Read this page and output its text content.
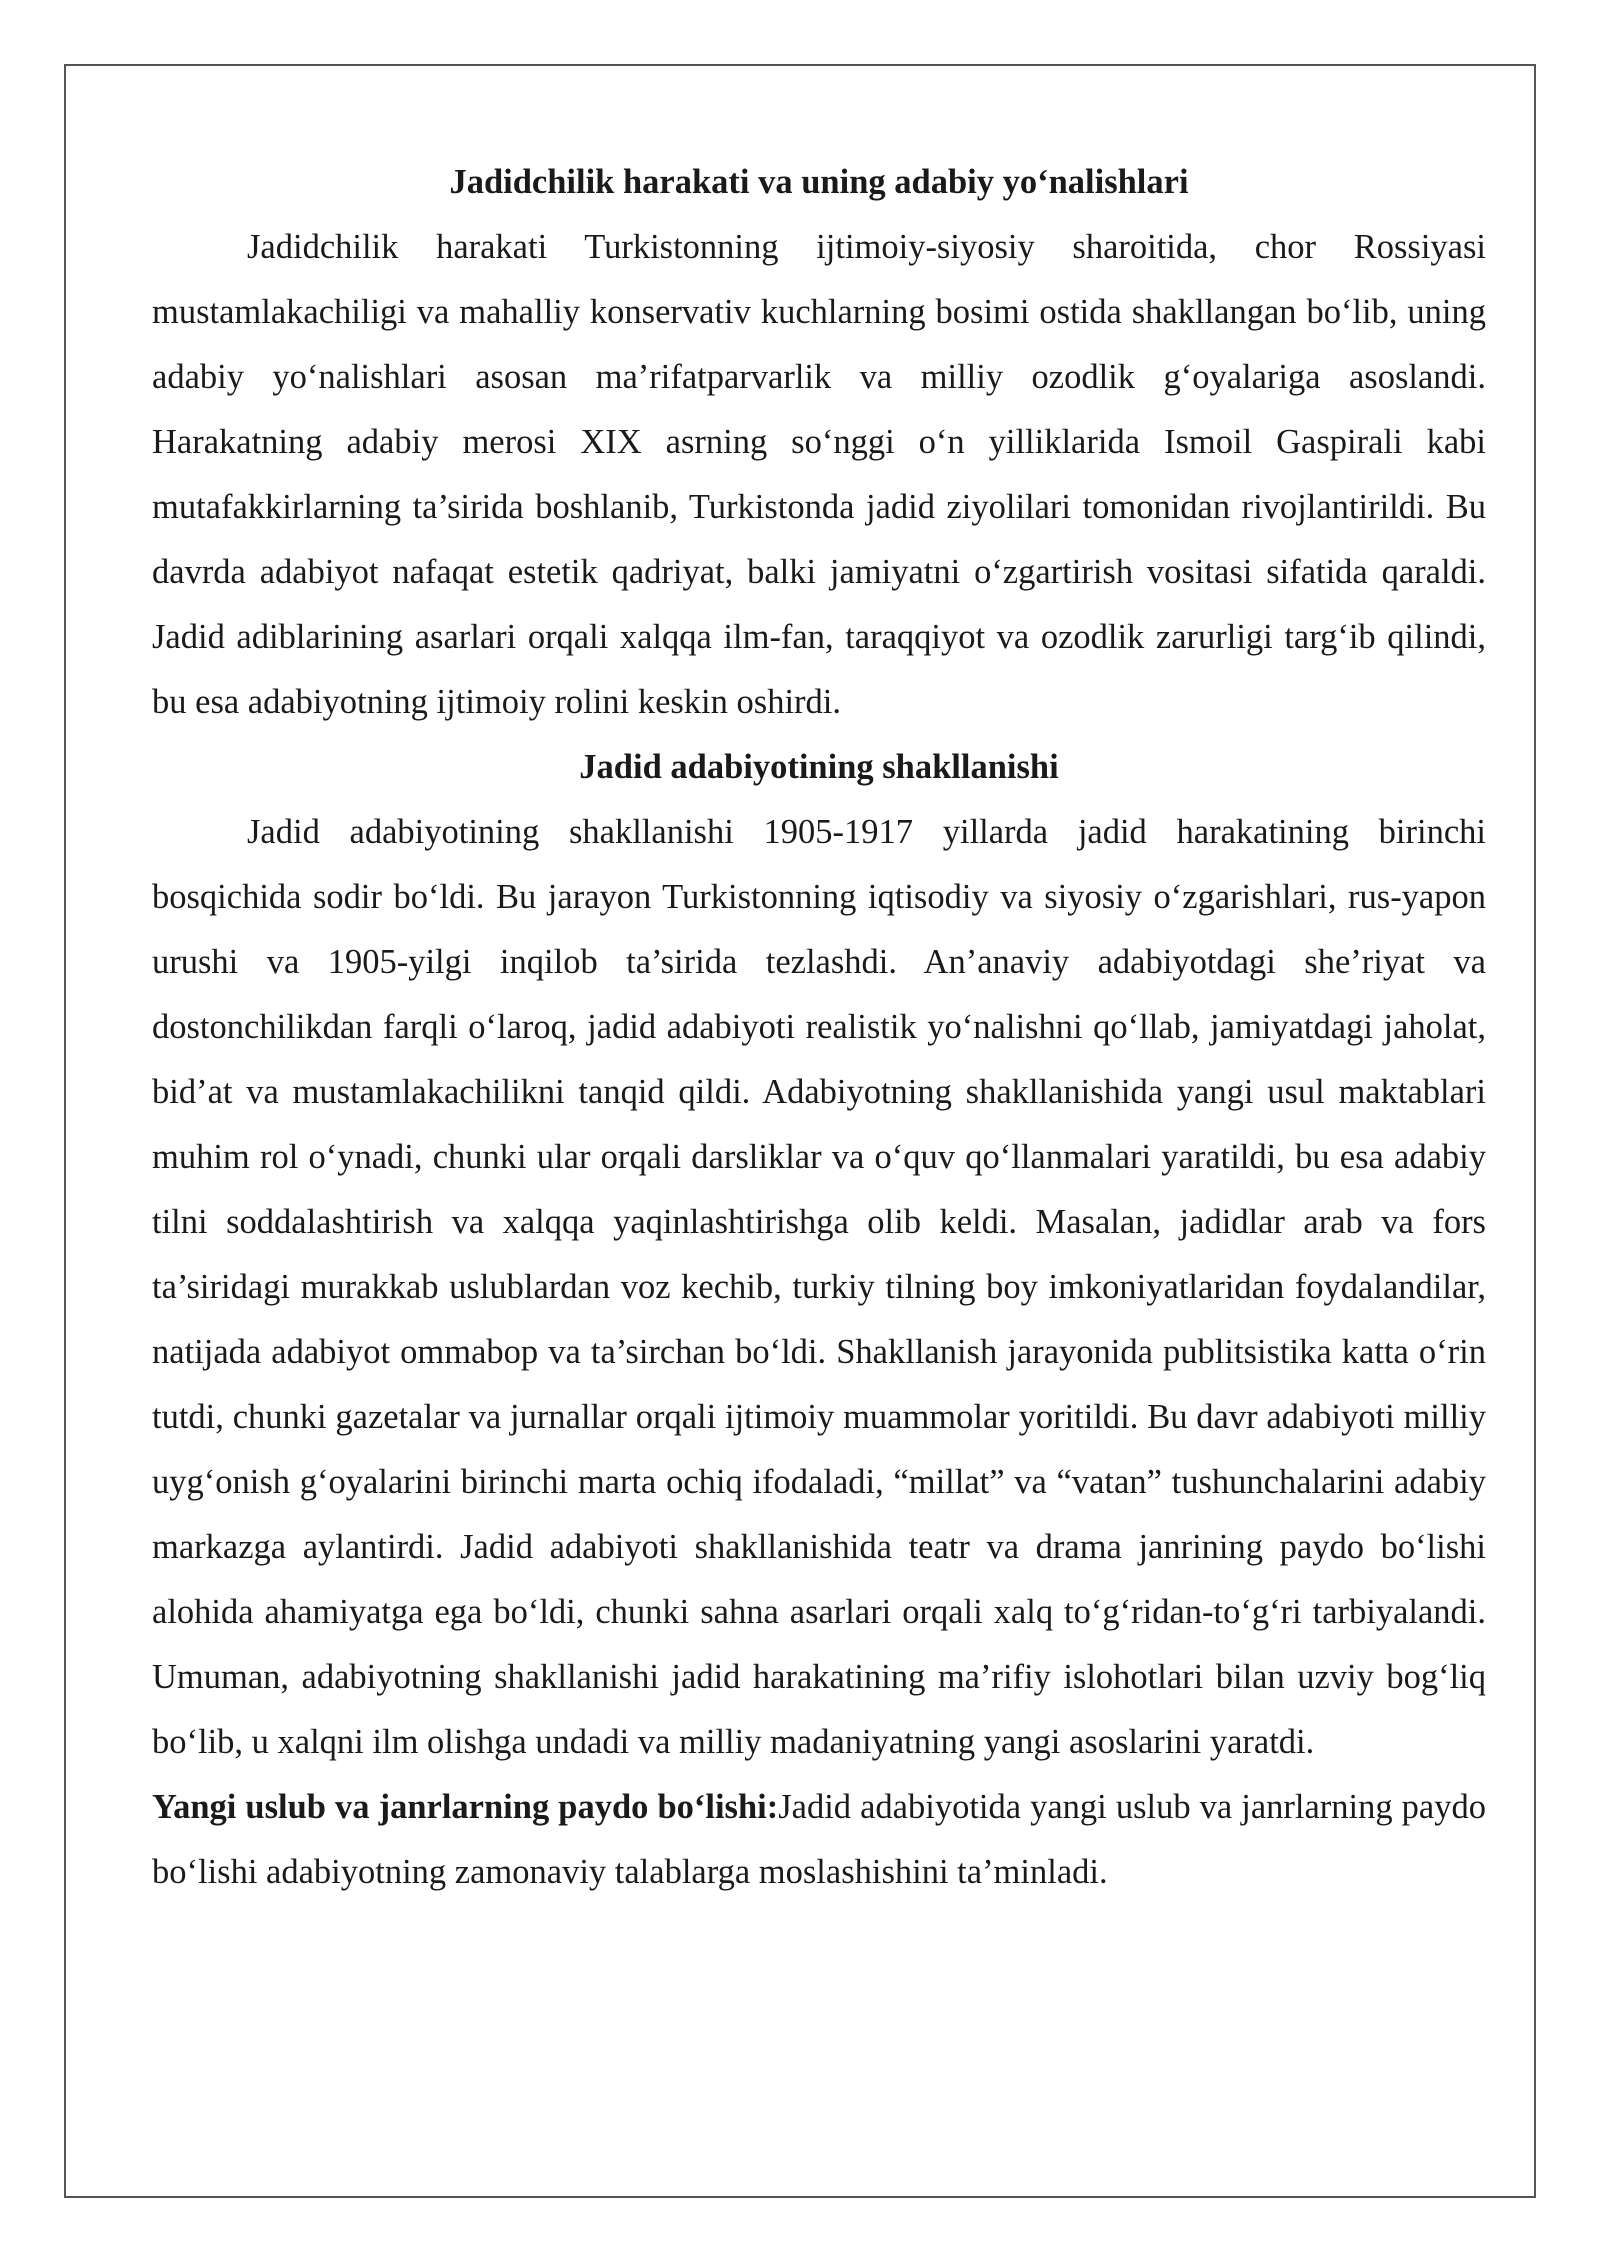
Jadidchilik harakati va uning adabiy yo‘nalishlari

Jadidchilik harakati Turkistonning ijtimoiy-siyosiy sharoitida, chor Rossiyasi mustamlakachiligi va mahalliy konservativ kuchlarning bosimi ostida shakllangan bo‘lib, uning adabiy yo‘nalishlari asosan ma’rifatparvarlik va milliy ozodlik g‘oyalariga asoslandi. Harakatning adabiy merosi XIX asrning so‘nggi o‘n yilliklarida Ismoil Gaspirali kabi mutafakkirlarning ta’sirida boshlanib, Turkistonda jadid ziyolilari tomonidan rivojlantirildi. Bu davrda adabiyot nafaqat estetik qadriyat, balki jamiyatni o‘zgartirish vositasi sifatida qaraldi. Jadid adiblarining asarlari orqali xalqqa ilm-fan, taraqqiyot va ozodlik zarurligi targ‘ib qilindi, bu esa adabiyotning ijtimoiy rolini keskin oshirdi.

Jadid adabiyotining shakllanishi

Jadid adabiyotining shakllanishi 1905-1917 yillarda jadid harakatining birinchi bosqichida sodir bo‘ldi. Bu jarayon Turkistonning iqtisodiy va siyosiy o‘zgarishlari, rus-yapon urushi va 1905-yilgi inqilob ta’sirida tezlashdi. An’anaviy adabiyotdagi she’riyat va dostonchilikdan farqli o‘laroq, jadid adabiyoti realistik yo‘nalishni qo‘llab, jamiyatdagi jaholat, bid’at va mustamlakachilikni tanqid qildi. Adabiyotning shakllanishida yangi usul maktablari muhim rol o‘ynadi, chunki ular orqali darsliklar va o‘quv qo‘llanmalari yaratildi, bu esa adabiy tilni soddalashtirish va xalqqa yaqinlashtirishga olib keldi. Masalan, jadidlar arab va fors ta’siridagi murakkab uslublardan voz kechib, turkiy tilning boy imkoniyatlaridan foydalandilar, natijada adabiyot ommabop va ta’sirchan bo‘ldi. Shakllanish jarayonida publitsistika katta o‘rin tutdi, chunki gazetalar va jurnallar orqali ijtimoiy muammolar yoritildi. Bu davr adabiyoti milliy uyg‘onish g‘oyalarini birinchi marta ochiq ifodaladi, “millat” va “vatan” tushunchalarini adabiy markazga aylantirdi. Jadid adabiyoti shakllanishida teatr va drama janrining paydo bo‘lishi alohida ahamiyatga ega bo‘ldi, chunki sahna asarlari orqali xalq to‘g‘ridan-to‘g‘ri tarbiyalandi. Umuman, adabiyotning shakllanishi jadid harakatining ma’rifiy islohotlari bilan uzviy bog‘liq bo‘lib, u xalqni ilm olishga undadi va milliy madaniyatning yangi asoslarini yaratdi.

Yangi uslub va janrlarning paydo bo‘lishi:Jadid adabiyotida yangi uslub va janrlarning paydo bo‘lishi adabiyotning zamonaviy talablarga moslashishini ta’minladi.
